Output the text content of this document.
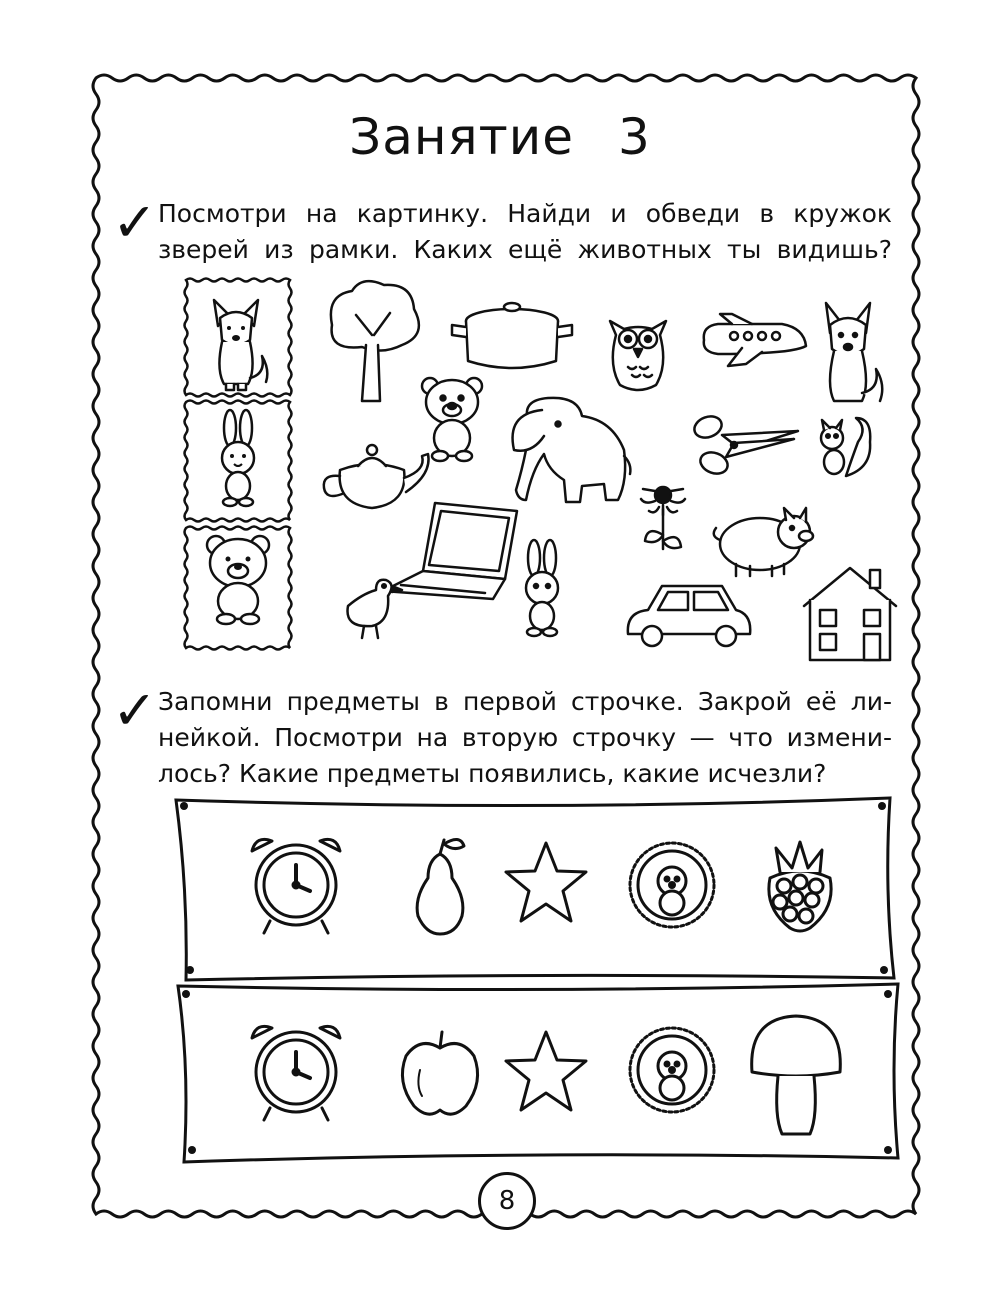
Занятие 3
✓ Посмотри на картинку. Найди и обведи в кружок
зверей из рамки. Каких ещё животных ты видишь?
✓ Запомни предметы в первой строчке. Закрой её ли-
нейкой. Посмотри на вторую строчку — что измени-
лось? Какие предметы появились, какие исчезли?
8
